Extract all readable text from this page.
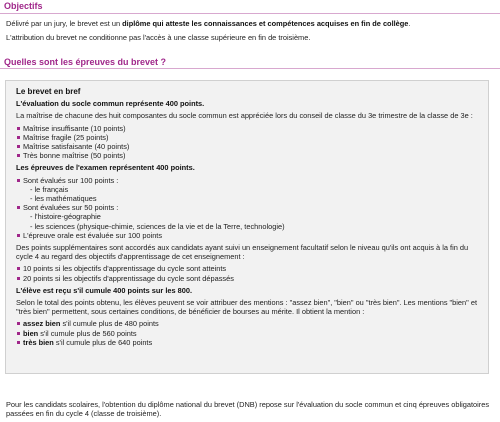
Objectifs

Délivré par un jury, le brevet est un diplôme qui atteste les connaissances et compétences acquises en fin de collège.

L'attribution du brevet ne conditionne pas l'accès à une classe supérieure en fin de troisième.

Quelles sont les épreuves du brevet ?
Le brevet en bref
L'évaluation du socle commun représente 400 points.

La maîtrise de chacune des huit composantes du socle commun est appréciée lors du conseil de classe du 3e trimestre de la classe de 3e :

Maîtrise insuffisante (10 points)
Maîtrise fragile (25 points)
Maîtrise satisfaisante (40 points)
Très bonne maîtrise (50 points)
Les épreuves de l'examen représentent 400 points.
Sont évalués sur 100 points :
- le français
- les mathématiques
Sont évaluées sur 50 points :
- l'histoire-géographie
- les sciences (physique-chimie, sciences de la vie et de la Terre, technologie)
L'épreuve orale est évaluée sur 100 points

Des points supplémentaires sont accordés aux candidats ayant suivi un enseignement facultatif selon le niveau qu'ils ont acquis à la fin du cycle 4 au regard des objectifs d'apprentissage de cet enseignement :

10 points si les objectifs d'apprentissage du cycle sont atteints
20 points si les objectifs d'apprentissage du cycle sont dépassés
L'élève est reçu s'il cumule 400 points sur les 800.

Selon le total des points obtenu, les élèves peuvent se voir attribuer des mentions : "assez bien", "bien" ou "très bien". Les mentions "bien" et "très bien" permettent, sous certaines conditions, de bénéficier de bourses au mérite. Il obtient la mention :

assez bien s'il cumule plus de 480 points
bien s'il cumule plus de 560 points
très bien s'il cumule plus de 640 points

Pour les candidats scolaires, l'obtention du diplôme national du brevet (DNB) repose sur l'évaluation du socle commun et cinq épreuves obligatoires passées en fin du cycle 4 (classe de troisième).
